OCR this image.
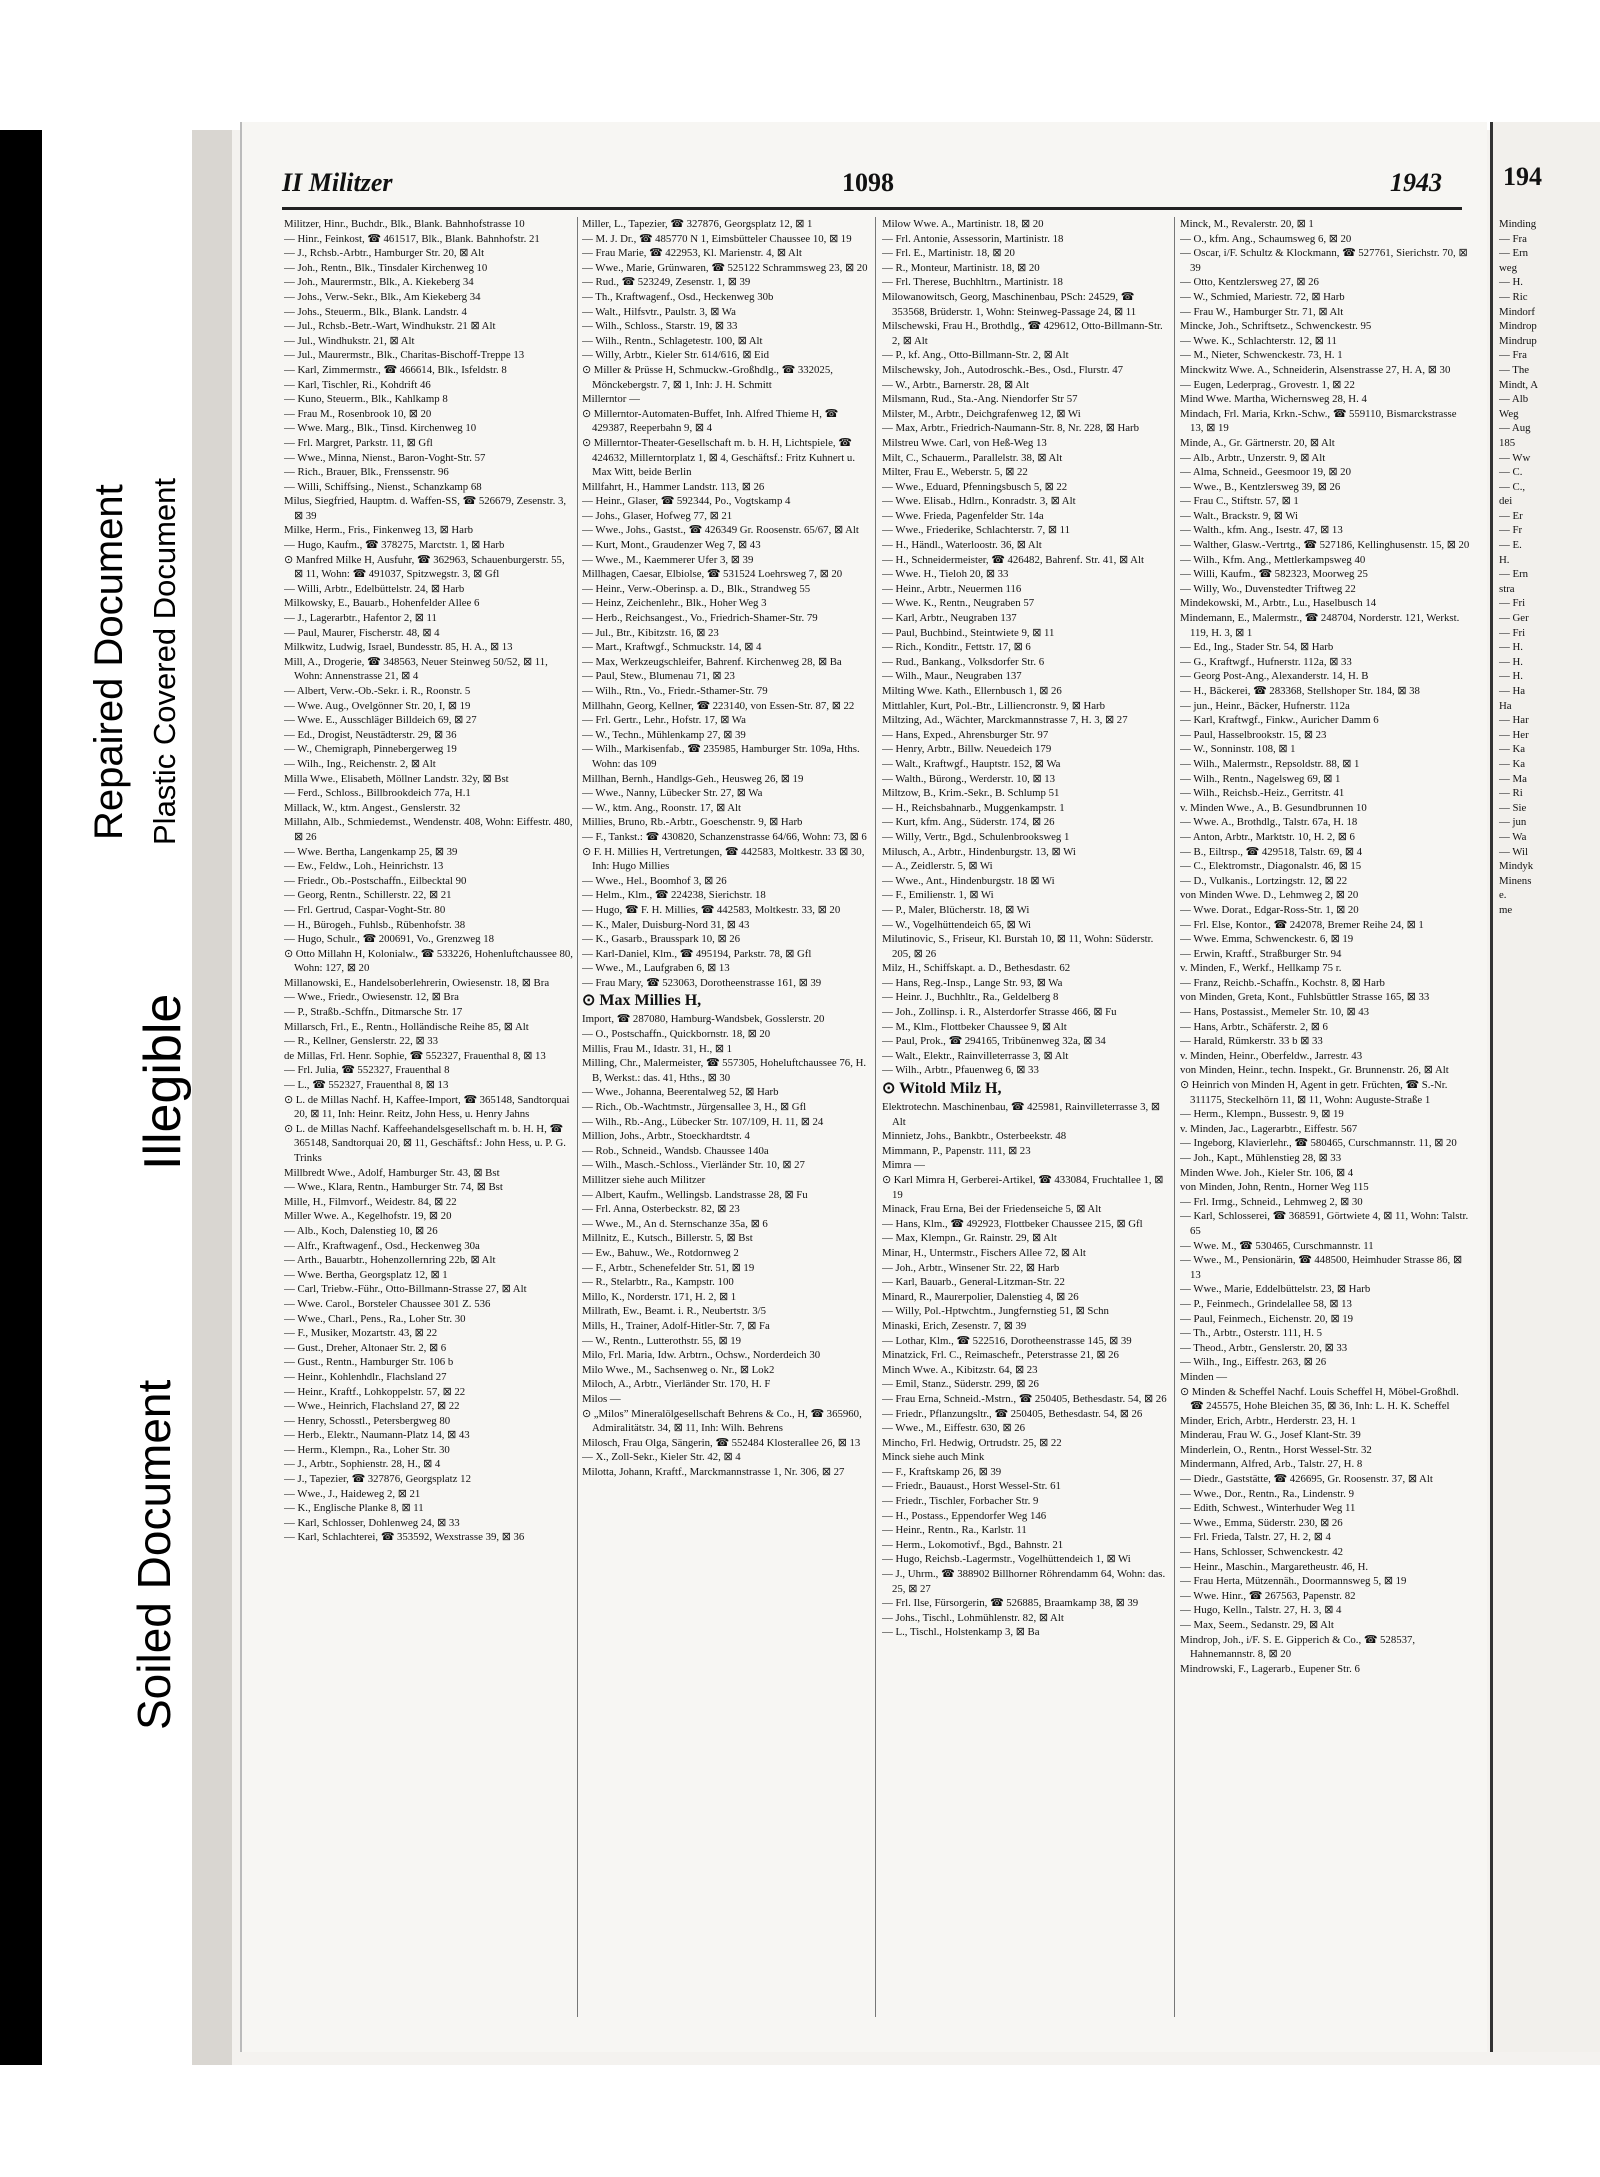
Repaired Document Plastic Covered Document
Illegible
Soiled Document
II Militzer	1098	1943
Militzer, Hinr., Buchdr., Blk., Blank. Bahnhofstrasse 10
— Hinr., Feinkost, ☎ 461517, Blk., Blank. Bahnhofstr. 21
— J., Rchsb.-Arbtr., Hamburger Str. 20, ⊠ Alt
— Joh., Rentn., Blk., Tinsdaler Kirchenweg 10
— Joh., Maurermstr., Blk., A. Kiekeberg 34
— Johs., Verw.-Sekr., Blk., Am Kiekeberg 34
— Johs., Steuerm., Blk., Blank. Landstr. 4
— Jul., Rchsb.-Betr.-Wart, Windhukstr. 21 ⊠ Alt
— Jul., Windhukstr. 21, ⊠ Alt
— Jul., Maurermstr., Blk., Charitas-Bischoff-Treppe 13
— Karl, Zimmermstr., ☎ 466614, Blk., Isfeldstr. 8
— Karl, Tischler, Ri., Kohdrift 46
— Kuno, Steuerm., Blk., Kahlkamp 8
— Frau M., Rosenbrook 10, ⊠ 20
— Wwe. Marg., Blk., Tinsd. Kirchenweg 10
— Frl. Margret, Parkstr. 11, ⊠ Gfl
— Wwe., Minna, Nienst., Baron-Voght-Str. 57
— Rich., Brauer, Blk., Frenssenstr. 96
— Willi, Schiffsing., Nienst., Schanzkamp 68
Milus, Siegfried, Hauptm. d. Waffen-SS, ☎ 526679, Zesenstr. 3, ⊠ 39
Milke, Herm., Fris., Finkenweg 13, ⊠ Harb
— Hugo, Kaufm., ☎ 378275, Marctstr. 1, ⊠ Harb
⊙ Manfred Milke H, Ausfuhr, ☎ 362963, Schauenburgerstr. 55, ⊠ 11, Wohn: ☎ 491037, Spitzwegstr. 3, ⊠ Gfl
— Willi, Arbtr., Edelbüttelstr. 24, ⊠ Harb
Milkowsky, E., Bauarb., Hohenfelder Allee 6
— J., Lagerarbtr., Hafentor 2, ⊠ 11
— Paul, Maurer, Fischerstr. 48, ⊠ 4
Milkwitz, Ludwig, Israel, Bundesstr. 85, H. A., ⊠ 13
Mill, A., Drogerie, ☎ 348563, Neuer Steinweg 50/52, ⊠ 11, Wohn: Annenstrasse 21, ⊠ 4
— Albert, Verw.-Ob.-Sekr. i. R., Roonstr. 5
— Wwe. Aug., Ovelgönner Str. 20, I, ⊠ 19
— Wwe. E., Ausschläger Billdeich 69, ⊠ 27
— Ed., Drogist, Neustädterstr. 29, ⊠ 36
— W., Chemigraph, Pinnebergerweg 19
— Wilh., Ing., Reichenstr. 2, ⊠ Alt
Milla Wwe., Elisabeth, Möllner Landstr. 32y, ⊠ Bst
— Ferd., Schloss., Billbrookdeich 77a, H.1
Millack, W., ktm. Angest., Genslerstr. 32
Millahn, Alb., Schmiedemst., Wendenstr. 408, Wohn: Eiffestr. 480, ⊠ 26
— Wwe. Bertha, Langenkamp 25, ⊠ 39
— Ew., Feldw., Loh., Heinrichstr. 13
— Friedr., Ob.-Postschaffn., Eilbecktal 90
— Georg, Rentn., Schillerstr. 22, ⊠ 21
— Frl. Gertrud, Caspar-Voght-Str. 80
— H., Bürogeh., Fuhlsb., Rübenhofstr. 38
— Hugo, Schulr., ☎ 200691, Vo., Grenzweg 18
⊙ Otto Millahn H, Kolonialw., ☎ 533226, Hohenluftchaussee 80, Wohn: 127, ⊠ 20
Millanowski, E., Handelsoberlehrerin, Owiesenstr. 18, ⊠ Bra
— Wwe., Friedr., Owiesenstr. 12, ⊠ Bra
— P., Straßb.-Schffn., Ditmarsche Str. 17
Millarsch, Frl., E., Rentn., Holländische Reihe 85, ⊠ Alt
— R., Kellner, Genslerstr. 22, ⊠ 33
de Millas, Frl. Henr. Sophie, ☎ 552327, Frauenthal 8, ⊠ 13
— Frl. Julia, ☎ 552327, Frauenthal 8
— L., ☎ 552327, Frauenthal 8, ⊠ 13
⊙ L. de Millas Nachf. H, Kaffee-Import, ☎ 365148, Sandtorquai 20, ⊠ 11, Inh: Heinr. Reitz, John Hess, u. Henry Jahns
⊙ L. de Millas Nachf. Kaffeehandelsgesellschaft m. b. H. H, ☎ 365148, Sandtorquai 20, ⊠ 11, Geschäftsf.: John Hess, u. P. G. Trinks
Millbredt Wwe., Adolf, Hamburger Str. 43, ⊠ Bst
— Wwe., Klara, Rentn., Hamburger Str. 74, ⊠ Bst
Mille, H., Filmvorf., Weidestr. 84, ⊠ 22
Miller Wwe. A., Kegelhofstr. 19, ⊠ 20
— Alb., Koch, Dalenstieg 10, ⊠ 26
— Alfr., Kraftwagenf., Osd., Heckenweg 30a
— Arth., Bauarbtr., Hohenzollernring 22b, ⊠ Alt
— Wwe. Bertha, Georgsplatz 12, ⊠ 1
— Carl, Triebw.-Führ., Otto-Billmann-Strasse 27, ⊠ Alt
— Wwe. Carol., Borsteler Chaussee 301 Z. 536
— Wwe., Charl., Pens., Ra., Loher Str. 30
— F., Musiker, Mozartstr. 43, ⊠ 22
— Gust., Dreher, Altonaer Str. 2, ⊠ 6
— Gust., Rentn., Hamburger Str. 106 b
— Heinr., Kohlenhdlr., Flachsland 27
— Heinr., Kraftf., Lohkoppelstr. 57, ⊠ 22
— Wwe., Heinrich, Flachsland 27, ⊠ 22
— Henry, Schosstl., Petersbergweg 80
— Herb., Elektr., Naumann-Platz 14, ⊠ 43
— Herm., Klempn., Ra., Loher Str. 30
— J., Arbtr., Sophienstr. 28, H., ⊠ 4
— J., Tapezier, ☎ 327876, Georgsplatz 12
— Wwe., J., Haideweg 2, ⊠ 21
— K., Englische Planke 8, ⊠ 11
— Karl, Schlosser, Dohlenweg 24, ⊠ 33
— Karl, Schlachterei, ☎ 353592, Wexstrasse 39, ⊠ 36
Miller, L., Tapezier, ☎ 327876, Georgsplatz 12, ⊠ 1
— M. J. Dr., ☎ 485770 N 1, Eimsbütteler Chaussee 10, ⊠ 19
— Frau Marie, ☎ 422953, Kl. Marienstr. 4, ⊠ Alt
— Wwe., Marie, Grünwaren, ☎ 525122 Schrammsweg 23, ⊠ 20
— Rud., ☎ 523249, Zesenstr. 1, ⊠ 39
— Th., Kraftwagenf., Osd., Heckenweg 30b
— Walt., Hilfsvtr., Paulstr. 3, ⊠ Wa
— Wilh., Schloss., Starstr. 19, ⊠ 33
— Wilh., Rentn., Schlagetestr. 100, ⊠ Alt
— Willy, Arbtr., Kieler Str. 614/616, ⊠ Eid
⊙ Miller & Prüsse H, Schmuckw.-Großhdlg., ☎ 332025, Mönckebergstr. 7, ⊠ 1, Inh: J. H. Schmitt
Millerntor —
⊙ Millerntor-Automaten-Buffet, Inh. Alfred Thieme H, ☎ 429387, Reeperbahn 9, ⊠ 4
⊙ Millerntor-Theater-Gesellschaft m. b. H. H, Lichtspiele, ☎ 424632, Millerntorplatz 1, ⊠ 4, Geschäftsf.: Fritz Kuhnert u. Max Witt, beide Berlin
Millfahrt, H., Hammer Landstr. 113, ⊠ 26
— Heinr., Glaser, ☎ 592344, Po., Vogtskamp 4
— Johs., Glaser, Hofweg 77, ⊠ 21
— Wwe., Johs., Gastst., ☎ 426349 Gr. Roosenstr. 65/67, ⊠ Alt
— Kurt, Mont., Graudenzer Weg 7, ⊠ 43
— Wwe., M., Kaemmerer Ufer 3, ⊠ 39
Millhagen, Caesar, Elbiolse, ☎ 531524 Loehrsweg 7, ⊠ 20
— Heinr., Verw.-Oberinsp. a. D., Blk., Strandweg 55
— Heinz, Zeichenlehr., Blk., Hoher Weg 3
— Herb., Reichsangest., Vo., Friedrich-Shamer-Str. 79
— Jul., Btr., Kibitzstr. 16, ⊠ 23
— Mart., Kraftwgf., Schmuckstr. 14, ⊠ 4
— Max, Werkzeugschleifer, Bahrenf. Kirchenweg 28, ⊠ Ba
— Paul, Stew., Blumenau 71, ⊠ 23
— Wilh., Rtn., Vo., Friedr.-Sthamer-Str. 79
Millhahn, Georg, Kellner, ☎ 223140, von Essen-Str. 87, ⊠ 22
— Frl. Gertr., Lehr., Hofstr. 17, ⊠ Wa
— W., Techn., Mühlenkamp 27, ⊠ 39
— Wilh., Markisenfab., ☎ 235985, Hamburger Str. 109a, Hths. Wohn: das 109
Millhan, Bernh., Handlgs-Geh., Heusweg 26, ⊠ 19
— Wwe., Nanny, Lübecker Str. 27, ⊠ Wa
— W., ktm. Ang., Roonstr. 17, ⊠ Alt
Millies, Bruno, Rb.-Arbtr., Goeschenstr. 9, ⊠ Harb
— F., Tankst.: ☎ 430820, Schanzenstrasse 64/66, Wohn: 73, ⊠ 6
⊙ F. H. Millies H, Vertretungen, ☎ 442583, Moltkestr. 33 ⊠ 30, Inh: Hugo Millies
— Wwe., Hel., Boomhof 3, ⊠ 26
— Helm., Klm., ☎ 224238, Sierichstr. 18
— Hugo, ☎ F. H. Millies, ☎ 442583, Moltkestr. 33, ⊠ 20
— K., Maler, Duisburg-Nord 31, ⊠ 43
— K., Gasarb., Brausspark 10, ⊠ 26
— Karl-Daniel, Klm., ☎ 495194, Parkstr. 78, ⊠ Gfl
— Wwe., M., Laufgraben 6, ⊠ 13
— Frau Mary, ☎ 523063, Dorotheenstrasse 161, ⊠ 39
⊙ Max Millies H,
Import, ☎ 287080, Hamburg-Wandsbek, Gosslerstr. 20
— O., Postschaffn., Quickbornstr. 18, ⊠ 20
Millis, Frau M., Idastr. 31, H., ⊠ 1
Milling, Chr., Malermeister, ☎ 557305, Hoheluftchaussee 76, H. B, Werkst.: das. 41, Hths., ⊠ 30
— Wwe., Johanna, Beerentalweg 52, ⊠ Harb
— Rich., Ob.-Wachtmstr., Jürgensallee 3, H., ⊠ Gfl
— Wilh., Rb.-Ang., Lübecker Str. 107/109, H. 11, ⊠ 24
Million, Johs., Arbtr., Stoeckhardtstr. 4
— Rob., Schneid., Wandsb. Chaussee 140a
— Wilh., Masch.-Schloss., Vierländer Str. 10, ⊠ 27
Millitzer siehe auch Militzer
— Albert, Kaufm., Wellingsb. Landstrasse 28, ⊠ Fu
— Frl. Anna, Osterbeckstr. 82, ⊠ 23
— Wwe., M., An d. Sternschanze 35a, ⊠ 6
Millnitz, E., Kutsch., Billerstr. 5, ⊠ Bst
— Ew., Bahuw., We., Rotdornweg 2
— F., Arbtr., Schenefelder Str. 51, ⊠ 19
— R., Stelarbtr., Ra., Kampstr. 100
Millo, K., Norderstr. 171, H. 2, ⊠ 1
Millrath, Ew., Beamt. i. R., Neubertstr. 3/5
Mills, H., Trainer, Adolf-Hitler-Str. 7, ⊠ Fa
— W., Rentn., Lutterothstr. 55, ⊠ 19
Milo, Frl. Maria, Idw. Arbtrn., Ochsw., Norderdeich 30
Milo Wwe., M., Sachsenweg o. Nr., ⊠ Lok2
Miloch, A., Arbtr., Vierländer Str. 170, H. F
Milos —
⊙ „Milos” Mineralölgesellschaft Behrens & Co., H, ☎ 365960, Admiralitätstr. 34, ⊠ 11, Inh: Wilh. Behrens
Milosch, Frau Olga, Sängerin, ☎ 552484 Klosterallee 26, ⊠ 13
— X., Zoll-Sekr., Kieler Str. 42, ⊠ 4
Milotta, Johann, Kraftf., Marckmannstrasse 1, Nr. 306, ⊠ 27
Milow Wwe. A., Martinistr. 18, ⊠ 20
— Frl. Antonie, Assessorin, Martinistr. 18
— Frl. E., Martinistr. 18, ⊠ 20
— R., Monteur, Martinistr. 18, ⊠ 20
— Frl. Therese, Buchhltrn., Martinistr. 18
Milowanowitsch, Georg, Maschinenbau, PSch: 24529, ☎ 353568, Brüderstr. 1, Wohn: Steinweg-Passage 24, ⊠ 11
Milschewski, Frau H., Brothdlg., ☎ 429612, Otto-Billmann-Str. 2, ⊠ Alt
— P., kf. Ang., Otto-Billmann-Str. 2, ⊠ Alt
Milschewsky, Joh., Autodroschk.-Bes., Osd., Flurstr. 47
— W., Arbtr., Barnerstr. 28, ⊠ Alt
Milsmann, Rud., Sta.-Ang. Niendorfer Str 57
Milster, M., Arbtr., Deichgrafenweg 12, ⊠ Wi
— Max, Arbtr., Friedrich-Naumann-Str. 8, Nr. 228, ⊠ Harb
Milstreu Wwe. Carl, von Heß-Weg 13
Milt, C., Schauerm., Parallelstr. 38, ⊠ Alt
Milter, Frau E., Weberstr. 5, ⊠ 22
— Wwe., Eduard, Pfenningsbusch 5, ⊠ 22
— Wwe. Elisab., Hdlrn., Konradstr. 3, ⊠ Alt
— Wwe. Frieda, Pagenfelder Str. 14a
— Wwe., Friederike, Schlachterstr. 7, ⊠ 11
— H., Händl., Waterloostr. 36, ⊠ Alt
— H., Schneidermeister, ☎ 426482, Bahrenf. Str. 41, ⊠ Alt
— Wwe. H., Tieloh 20, ⊠ 33
— Heinr., Arbtr., Neuermen 116
— Wwe. K., Rentn., Neugraben 57
— Karl, Arbtr., Neugraben 137
— Paul, Buchbind., Steintwiete 9, ⊠ 11
— Rich., Konditr., Fettstr. 17, ⊠ 6
— Rud., Bankang., Volksdorfer Str. 6
— Wilh., Maur., Neugraben 137
Milting Wwe. Kath., Ellernbusch 1, ⊠ 26
Mittlahler, Kurt, Pol.-Btr., Lilliencronstr. 9, ⊠ Harb
Miltzing, Ad., Wächter, Marckmannstrasse 7, H. 3, ⊠ 27
— Hans, Exped., Ahrensburger Str. 97
— Henry, Arbtr., Billw. Neuedeich 179
— Walt., Kraftwgf., Hauptstr. 152, ⊠ Wa
— Walth., Bürong., Werderstr. 10, ⊠ 13
Miltzow, B., Krim.-Sekr., B. Schlump 51
— H., Reichsbahnarb., Muggenkampstr. 1
— Kurt, kfm. Ang., Süderstr. 174, ⊠ 26
— Willy, Vertr., Bgd., Schulenbrooksweg 1
Milusch, A., Arbtr., Hindenburgstr. 13, ⊠ Wi
— A., Zeidlerstr. 5, ⊠ Wi
— Wwe., Ant., Hindenburgstr. 18 ⊠ Wi
— F., Emilienstr. 1, ⊠ Wi
— P., Maler, Blücherstr. 18, ⊠ Wi
— W., Vogelhüttendeich 65, ⊠ Wi
Milutinovic, S., Friseur, Kl. Burstah 10, ⊠ 11, Wohn: Süderstr. 205, ⊠ 26
Milz, H., Schiffskapt. a. D., Bethesdastr. 62
— Hans, Reg.-Insp., Lange Str. 93, ⊠ Wa
— Heinr. J., Buchhltr., Ra., Geldelberg 8
— Joh., Zollinsp. i. R., Alsterdorfer Strasse 466, ⊠ Fu
— M., Klm., Flottbeker Chaussee 9, ⊠ Alt
— Paul, Prok., ☎ 294165, Tribünenweg 32a, ⊠ 34
— Walt., Elektr., Rainvilleterrasse 3, ⊠ Alt
— Wilh., Arbtr., Pfauenweg 6, ⊠ 33
⊙ Witold Milz H,
Elektrotechn. Maschinenbau, ☎ 425981, Rainvilleterrasse 3, ⊠ Alt
Minnietz, Johs., Bankbtr., Osterbeekstr. 48
Mimmann, P., Papenstr. 111, ⊠ 23
Mimra —
⊙ Karl Mimra H, Gerberei-Artikel, ☎ 433084, Fruchtallee 1, ⊠ 19
Minack, Frau Erna, Bei der Friedenseiche 5, ⊠ Alt
— Hans, Klm., ☎ 492923, Flottbeker Chaussee 215, ⊠ Gfl
— Max, Klempn., Gr. Rainstr. 29, ⊠ Alt
Minar, H., Untermstr., Fischers Allee 72, ⊠ Alt
— Joh., Arbtr., Winsener Str. 22, ⊠ Harb
— Karl, Bauarb., General-Litzman-Str. 22
Minard, R., Maurerpolier, Dalenstieg 4, ⊠ 26
— Willy, Pol.-Hptwchtm., Jungfernstieg 51, ⊠ Schn
Minaski, Erich, Zesenstr. 7, ⊠ 39
— Lothar, Klm., ☎ 522516, Dorotheenstrasse 145, ⊠ 39
Minatzick, Frl. C., Reimaschefr., Peterstrasse 21, ⊠ 26
Minch Wwe. A., Kibitzstr. 64, ⊠ 23
— Emil, Stanz., Süderstr. 299, ⊠ 26
— Frau Erna, Schneid.-Mstrn., ☎ 250405, Bethesdastr. 54, ⊠ 26
— Friedr., Pflanzungsltr., ☎ 250405, Bethesdastr. 54, ⊠ 26
— Wwe., M., Eiffestr. 630, ⊠ 26
Mincho, Frl. Hedwig, Ortrudstr. 25, ⊠ 22
Minck siehe auch Mink
— F., Kraftskamp 26, ⊠ 39
— Friedr., Bauaust., Horst Wessel-Str. 61
— Friedr., Tischler, Forbacher Str. 9
— H., Postass., Eppendorfer Weg 146
— Heinr., Rentn., Ra., Karlstr. 11
— Herm., Lokomotivf., Bgd., Bahnstr. 21
— Hugo, Reichsb.-Lagermstr., Vogelhüttendeich 1, ⊠ Wi
— J., Uhrm., ☎ 388902 Billhorner Röhrendamm 64, Wohn: das. 25, ⊠ 27
— Frl. Ilse, Fürsorgerin, ☎ 526885, Braamkamp 38, ⊠ 39
— Johs., Tischl., Lohmühlenstr. 82, ⊠ Alt
— L., Tischl., Holstenkamp 3, ⊠ Ba
Minck, M., Revalerstr. 20, ⊠ 1
— O., kfm. Ang., Schaumsweg 6, ⊠ 20
— Oscar, i/F. Schultz & Klockmann, ☎ 527761, Sierichstr. 70, ⊠ 39
— Otto, Kentzlersweg 27, ⊠ 26
— W., Schmied, Mariestr. 72, ⊠ Harb
— Frau W., Hamburger Str. 71, ⊠ Alt
Mincke, Joh., Schriftsetz., Schwenckestr. 95
— Wwe. K., Schlachterstr. 12, ⊠ 11
— M., Nieter, Schwenckestr. 73, H. 1
Minckwitz Wwe. A., Schneiderin, Alsenstrasse 27, H. A, ⊠ 30
— Eugen, Lederprag., Grovestr. 1, ⊠ 22
Mind Wwe. Martha, Wichernsweg 28, H. 4
Mindach, Frl. Maria, Krkn.-Schw., ☎ 559110, Bismarckstrasse 13, ⊠ 19
Minde, A., Gr. Gärtnerstr. 20, ⊠ Alt
— Alb., Arbtr., Unzerstr. 9, ⊠ Alt
— Alma, Schneid., Geesmoor 19, ⊠ 20
— Wwe., B., Kentzlersweg 39, ⊠ 26
— Frau C., Stiftstr. 57, ⊠ 1
— Walt., Brackstr. 9, ⊠ Wi
— Walth., kfm. Ang., Isestr. 47, ⊠ 13
— Walther, Glasw.-Vertrtg., ☎ 527186, Kellinghusenstr. 15, ⊠ 20
— Wilh., Kfm. Ang., Mettlerkampsweg 40
— Willi, Kaufm., ☎ 582323, Moorweg 25
— Willy, Wo., Duvenstedter Triftweg 22
Mindekowski, M., Arbtr., Lu., Haselbusch 14
Mindemann, E., Malermstr., ☎ 248704, Norderstr. 121, Werkst. 119, H. 3, ⊠ 1
— Ed., Ing., Stader Str. 54, ⊠ Harb
— G., Kraftwgf., Hufnerstr. 112a, ⊠ 33
— Georg Post-Ang., Alexanderstr. 14, H. B
— H., Bäckerei, ☎ 283368, Stellshoper Str. 184, ⊠ 38
— jun., Heinr., Bäcker, Hufnerstr. 112a
— Karl, Kraftwgf., Finkw., Auricher Damm 6
— Paul, Hasselbrookstr. 15, ⊠ 23
— W., Sonninstr. 108, ⊠ 1
— Wilh., Malermstr., Repsoldstr. 88, ⊠ 1
— Wilh., Rentn., Nagelsweg 69, ⊠ 1
— Wilh., Reichsb.-Heiz., Gerritstr. 41
v. Minden Wwe., A., B. Gesundbrunnen 10
— Wwe. A., Brothdlg., Talstr. 67a, H. 18
— Anton, Arbtr., Marktstr. 10, H. 2, ⊠ 6
— B., Eiltrsp., ☎ 429518, Talstr. 69, ⊠ 4
— C., Elektromstr., Diagonalstr. 46, ⊠ 15
— D., Vulkanis., Lortzingstr. 12, ⊠ 22
von Minden Wwe. D., Lehmweg 2, ⊠ 20
— Wwe. Dorat., Edgar-Ross-Str. 1, ⊠ 20
— Frl. Else, Kontor., ☎ 242078, Bremer Reihe 24, ⊠ 1
— Wwe. Emma, Schwenckestr. 6, ⊠ 19
— Erwin, Kraftf., Straßburger Str. 94
v. Minden, F., Werkf., Hellkamp 75 r.
— Franz, Reichb.-Schaffn., Kochstr. 8, ⊠ Harb
von Minden, Greta, Kont., Fuhlsbüttler Strasse 165, ⊠ 33
— Hans, Postassist., Memeler Str. 10, ⊠ 43
— Hans, Arbtr., Schäferstr. 2, ⊠ 6
— Harald, Rümkerstr. 33 b ⊠ 33
v. Minden, Heinr., Oberfeldw., Jarrestr. 43
von Minden, Heinr., techn. Inspekt., Gr. Brunnenstr. 26, ⊠ Alt
⊙ Heinrich von Minden H, Agent in getr. Früchten, ☎ S.-Nr. 311175, Steckelhörn 11, ⊠ 11, Wohn: Auguste-Straße 1
— Herm., Klempn., Bussestr. 9, ⊠ 19
v. Minden, Jac., Lagerarbtr., Eiffestr. 567
— Ingeborg, Klavierlehr., ☎ 580465, Curschmannstr. 11, ⊠ 20
— Joh., Kapt., Mühlenstieg 28, ⊠ 33
Minden Wwe. Joh., Kieler Str. 106, ⊠ 4
von Minden, John, Rentn., Horner Weg 115
— Frl. Irmg., Schneid., Lehmweg 2, ⊠ 30
— Karl, Schlosserei, ☎ 368591, Görtwiete 4, ⊠ 11, Wohn: Talstr. 65
— Wwe. M., ☎ 530465, Curschmannstr. 11
— Wwe., M., Pensionärin, ☎ 448500, Heimhuder Strasse 86, ⊠ 13
— Wwe., Marie, Eddelbüttelstr. 23, ⊠ Harb
— P., Feinmech., Grindelallee 58, ⊠ 13
— Paul, Feinmech., Eichenstr. 20, ⊠ 19
— Th., Arbtr., Osterstr. 111, H. 5
— Theod., Arbtr., Genslerstr. 20, ⊠ 33
— Wilh., Ing., Eiffestr. 263, ⊠ 26
Minden —
⊙ Minden & Scheffel Nachf. Louis Scheffel H, Möbel-Großhdl. ☎ 245575, Hohe Bleichen 35, ⊠ 36, Inh: L. H. K. Scheffel
Minder, Erich, Arbtr., Herderstr. 23, H. 1
Minderau, Frau W. G., Josef Klant-Str. 39
Minderlein, O., Rentn., Horst Wessel-Str. 32
Mindermann, Alfred, Arb., Talstr. 27, H. 8
— Diedr., Gaststätte, ☎ 426695, Gr. Roosenstr. 37, ⊠ Alt
— Wwe., Dor., Rentn., Ra., Lindenstr. 9
— Edith, Schwest., Winterhuder Weg 11
— Wwe., Emma, Süderstr. 230, ⊠ 26
— Frl. Frieda, Talstr. 27, H. 2, ⊠ 4
— Hans, Schlosser, Schwenckestr. 42
— Heinr., Maschin., Margaretheustr. 46, H.
— Frau Herta, Mützennäh., Doormannsweg 5, ⊠ 19
— Wwe. Hinr., ☎ 267563, Papenstr. 82
— Hugo, Kelln., Talstr. 27, H. 3, ⊠ 4
— Max, Seem., Sedanstr. 29, ⊠ Alt
Mindrop, Joh., i/F. S. E. Gipperich & Co., ☎ 528537, Hahnemannstr. 8, ⊠ 20
Mindrowski, F., Lagerarb., Eupener Str. 6
194
Minding
— Fra
— Ern
weg
— H.
— Ric
Mindorf
Mindrop
Mindrup
— Fra
— The
Mindt, A
— Alb
Weg
— Aug
185
— Ww
— C.
— C.,
dei
— Er
— Fr
— E.
H.
— Ern
stra
— Fri
— Ger
— Fri
— H.
— H.
— H.
— Ha
Ha
— Har
— Her
— Ka
— Ka
— Ma
— Ri
— Sie
— jun
— Wa
— Wil
Mindyk
Minens
e.
me
